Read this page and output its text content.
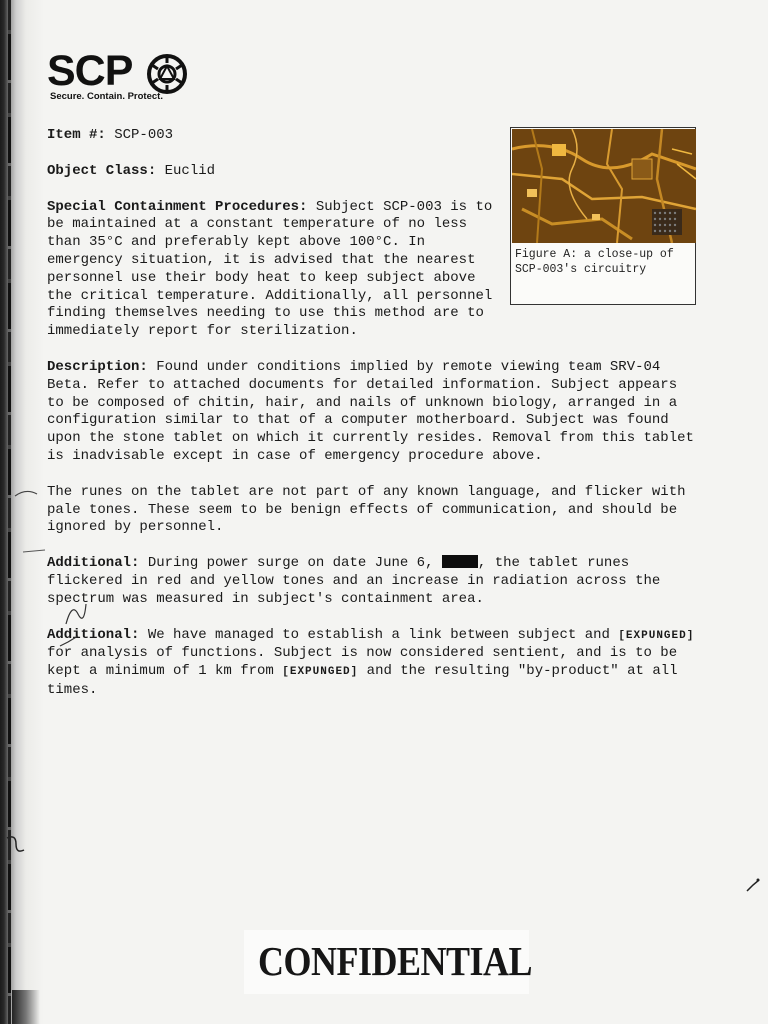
SCP
Secure. Contain. Protect.
Figure A: a close-up of SCP-003's circuitry

Item #: SCP-003

Object Class: Euclid

Special Containment Procedures: Subject SCP-003 is to be maintained at a constant temperature of no less than 35°C and preferably kept above 100°C. In emergency situation, it is advised that the nearest personnel use their body heat to keep subject above the critical temperature. Additionally, all personnel finding themselves needing to use this method are to immediately report for sterilization.

Description: Found under conditions implied by remote viewing team SRV-04 Beta. Refer to attached documents for detailed information. Subject appears to be composed of chitin, hair, and nails of unknown biology, arranged in a configuration similar to that of a computer motherboard. Subject was found upon the stone tablet on which it currently resides. Removal from this tablet is inadvisable except in case of emergency procedure above.

The runes on the tablet are not part of any known language, and flicker with pale tones. These seem to be benign effects of communication, and should be ignored by personnel.

Additional: During power surge on date June 6,	, the tablet runes flickered in red and yellow tones and an increase in radiation across the spectrum was measured in subject's containment area.

Additional: We have managed to establish a link between subject and [EXPUNGED] for analysis of functions. Subject is now considered sentient, and is to be kept a minimum of 1 km from [EXPUNGED] and the resulting "by-product" at all times.

CONFIDENTIAL
